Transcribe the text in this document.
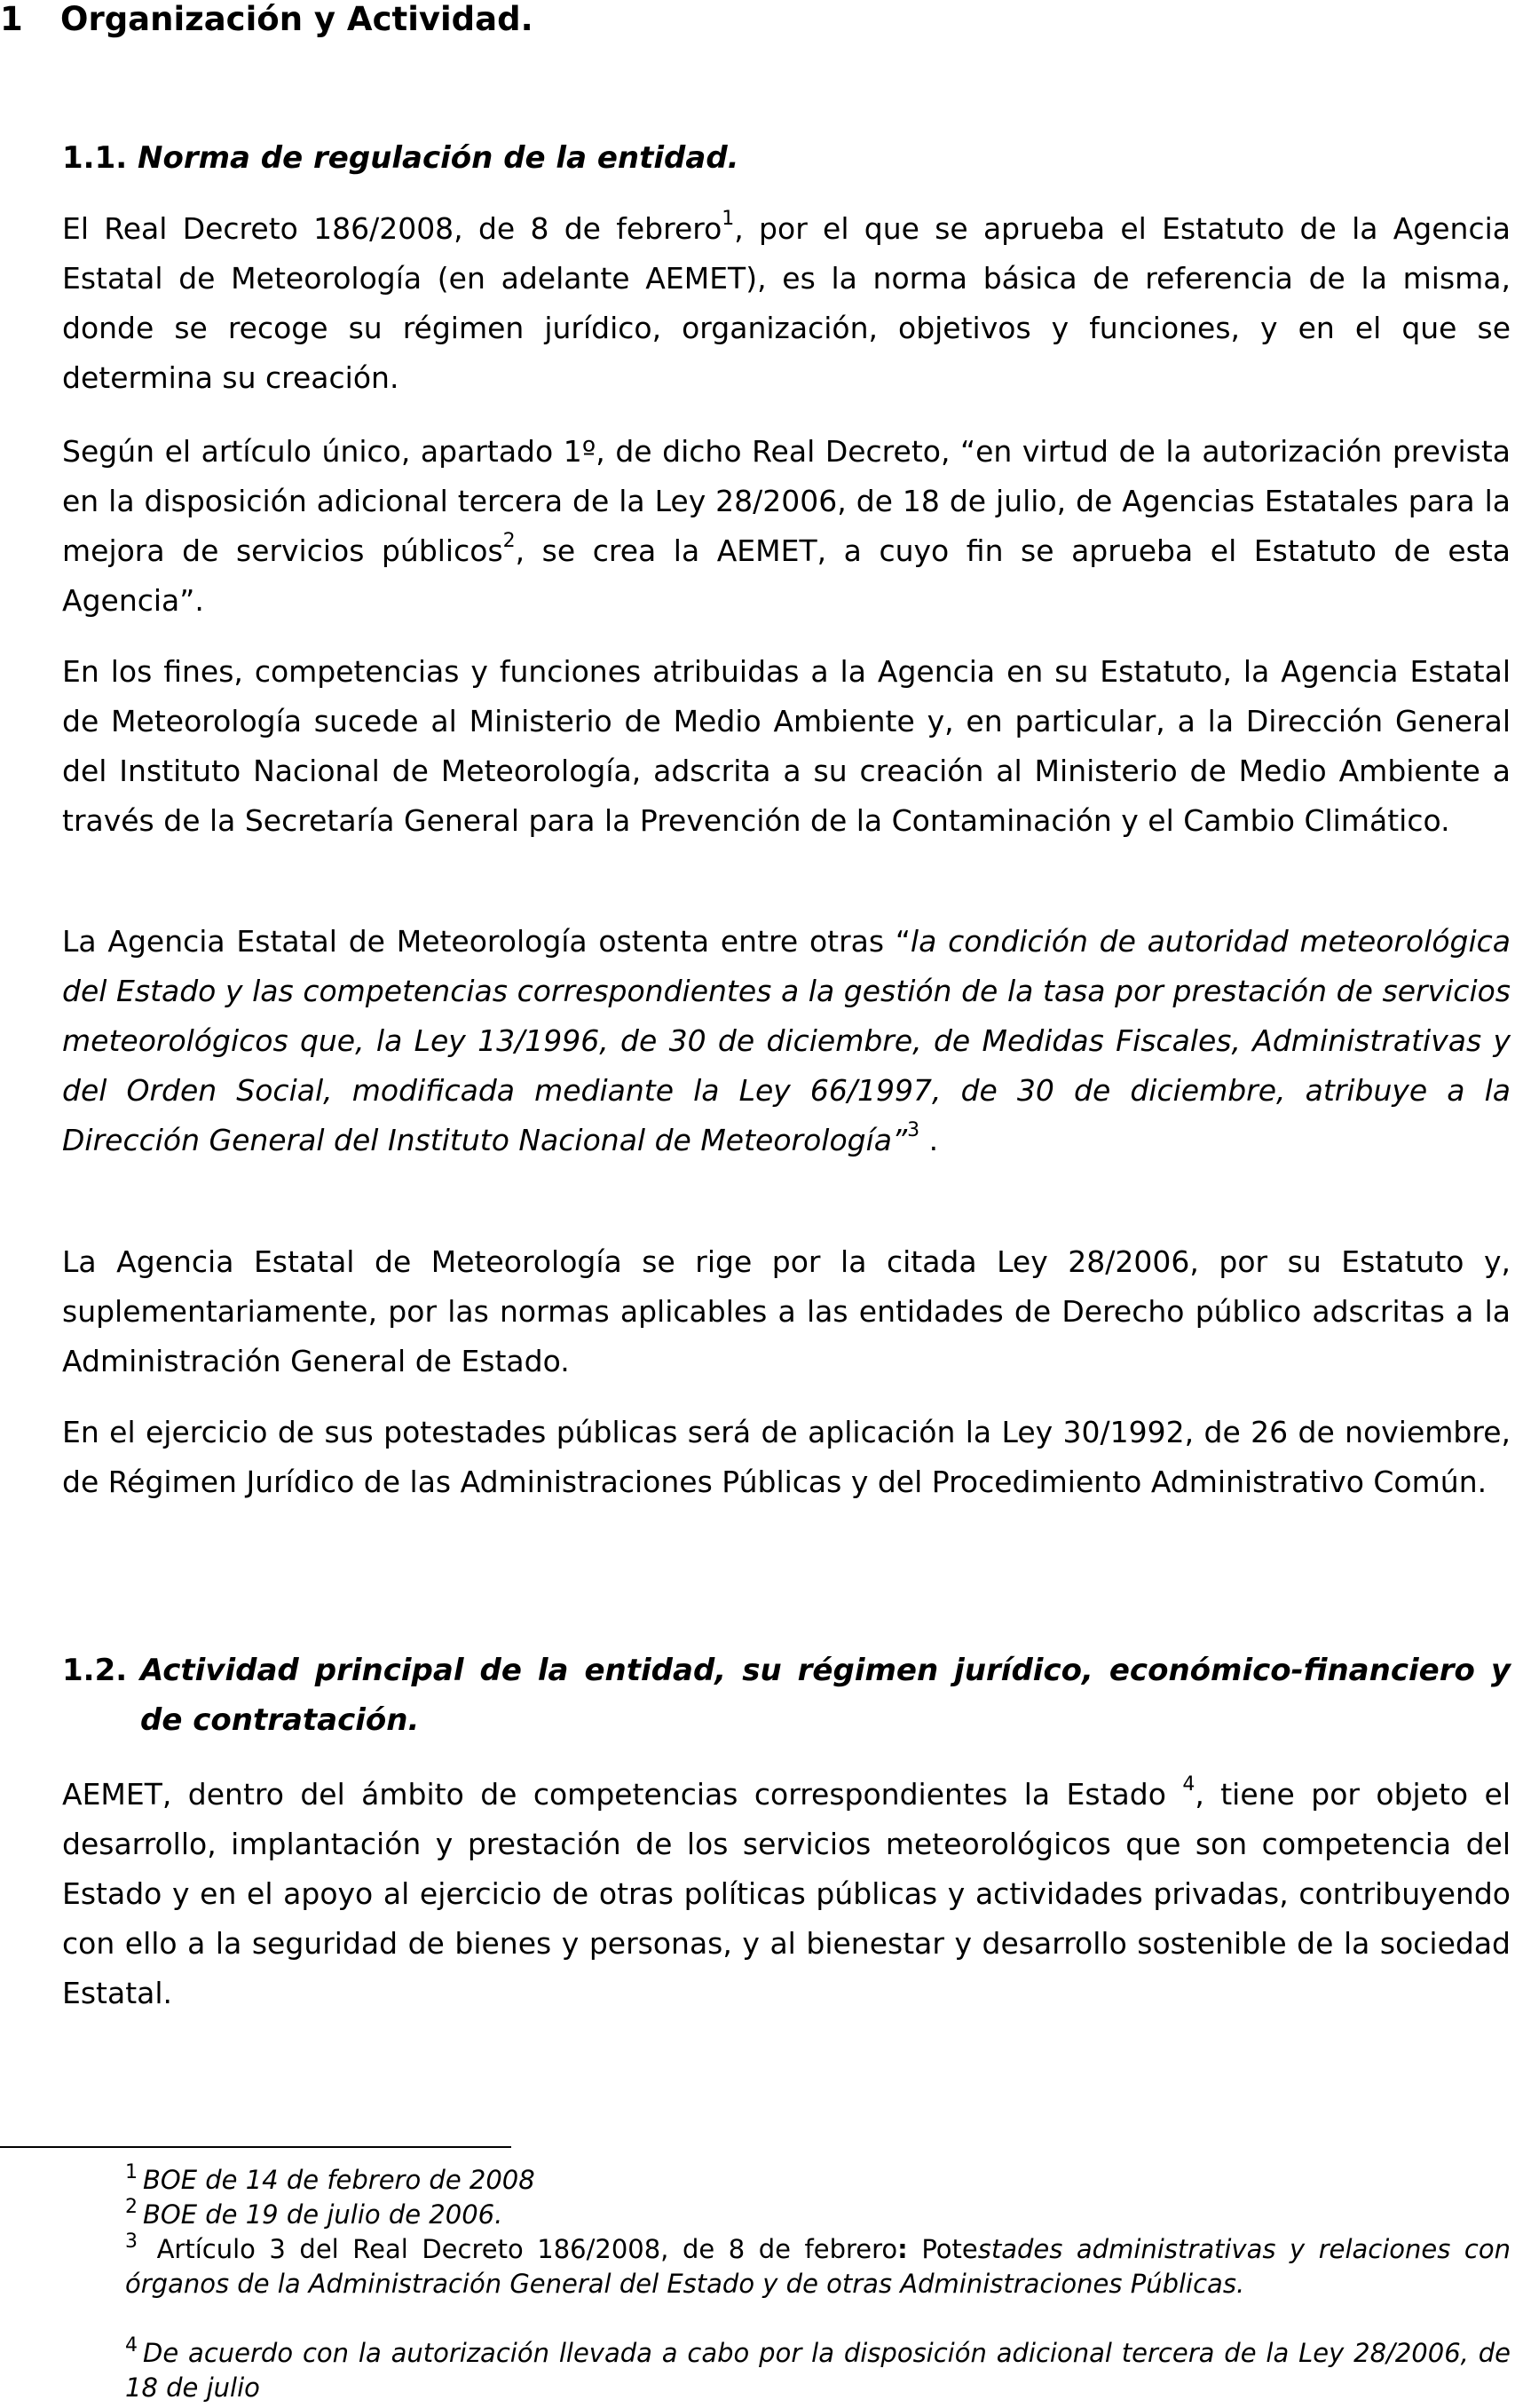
1 Organización y Actividad.
1.1. Norma de regulación de la entidad.

El Real Decreto 186/2008, de 8 de febrero$^1$, por el que se aprueba el Estatuto de la Agencia Estatal de Meteorología (en adelante AEMET), es la norma básica de referencia de la misma, donde se recoge su régimen jurídico, organización, objetivos y funciones, y en el que se determina su creación.

Según el artículo único, apartado 1º, de dicho Real Decreto, “en virtud de la autorización prevista en la disposición adicional tercera de la Ley 28/2006, de 18 de julio, de Agencias Estatales para la mejora de servicios públicos$^2$, se crea la AEMET, a cuyo fin se aprueba el Estatuto de esta Agencia”.

En los fines, competencias y funciones atribuidas a la Agencia en su Estatuto, la Agencia Estatal de Meteorología sucede al Ministerio de Medio Ambiente y, en particular, a la Dirección General del Instituto Nacional de Meteorología, adscrita a su creación al Ministerio de Medio Ambiente a través de la Secretaría General para la Prevención de la Contaminación y el Cambio Climático.

La Agencia Estatal de Meteorología ostenta entre otras “la condición de autoridad meteorológica del Estado y las competencias correspondientes a la gestión de la tasa por prestación de servicios meteorológicos que, la Ley 13/1996, de 30 de diciembre, de Medidas Fiscales, Administrativas y del Orden Social, modificada mediante la Ley 66/1997, de 30 de diciembre, atribuye a la Dirección General del Instituto Nacional de Meteorología”$^3$ .

La Agencia Estatal de Meteorología se rige por la citada Ley 28/2006, por su Estatuto y, suplementariamente, por las normas aplicables a las entidades de Derecho público adscritas a la Administración General de Estado.

En el ejercicio de sus potestades públicas será de aplicación la Ley 30/1992, de 26 de noviembre, de Régimen Jurídico de las Administraciones Públicas y del Procedimiento Administrativo Común.

1.2. Actividad principal de la entidad, su régimen jurídico, económico-financiero y de contratación.

AEMET, dentro del ámbito de competencias correspondientes la Estado $^4$, tiene por objeto el desarrollo, implantación y prestación de los servicios meteorológicos que son competencia del Estado y en el apoyo al ejercicio de otras políticas públicas y actividades privadas, contribuyendo con ello a la seguridad de bienes y personas, y al bienestar y desarrollo sostenible de la sociedad Estatal.

$^1$ BOE de 14 de febrero de 2008

$^2$ BOE de 19 de julio de 2006.

$^3$ Artículo 3 del Real Decreto 186/2008, de 8 de febrero: Potestades administrativas y relaciones con órganos de la Administración General del Estado y de otras Administraciones Públicas.

$^4$ De acuerdo con la autorización llevada a cabo por la disposición adicional tercera de la Ley 28/2006, de 18 de julio
